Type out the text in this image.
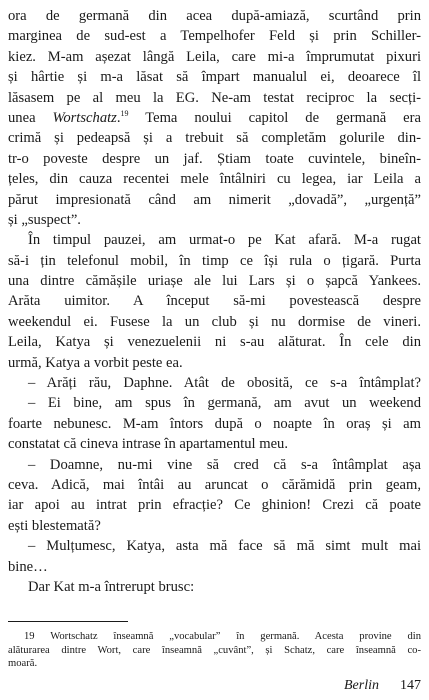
ora de germană din acea după-amiază, scurtând prin
marginea de sud-est a Tempelhofer Feld și prin Schiller-
kiez. M-am așezat lângă Leila, care mi-a împrumutat pixuri
și hârtie și m-a lăsat să împart manualul ei, deoarece îl
lăsasem pe al meu la EG. Ne-am testat reciproc la secți-
unea Wortschatz.$^{19}$ Tema noului capitol de germană era
crimă și pedeapsă și a trebuit să completăm golurile din-
tr-o poveste despre un jaf. Știam toate cuvintele, bineîn-
țeles, din cauza recentei mele întâlniri cu legea, iar Leila a
părut impresionată când am nimerit „dovadă”, „urgență”
și „suspect”.
În timpul pauzei, am urmat-o pe Kat afară. M-a rugat
să-i țin telefonul mobil, în timp ce își rula o țigară. Purta
una dintre cămășile uriașe ale lui Lars și o șapcă Yankees.
Arăta uimitor. A început să-mi povestească despre
weekendul ei. Fusese la un club și nu dormise de vineri.
Leila, Katya și venezuelenii ni s-au alăturat. În cele din
urmă, Katya a vorbit peste ea.
– Arăți rău, Daphne. Atât de obosită, ce s-a întâmplat?
– Ei bine, am spus în germană, am avut un weekend
foarte nebunesc. M-am întors după o noapte în oraș și am
constatat că cineva intrase în apartamentul meu.
– Doamne, nu-mi vine să cred că s-a întâmplat așa
ceva. Adică, mai întâi au aruncat o cărămidă prin geam,
iar apoi au intrat prin efracție? Ce ghinion! Crezi că poate
ești blestemată?
– Mulțumesc, Katya, asta mă face să mă simt mult mai
bine…
Dar Kat m-a întrerupt brusc:
19 Wortschatz înseamnă „vocabular” în germană. Acesta provine din
alăturarea dintre Wort, care înseamnă „cuvânt”, și Schatz, care înseamnă co-
moară.
Berlin 147
